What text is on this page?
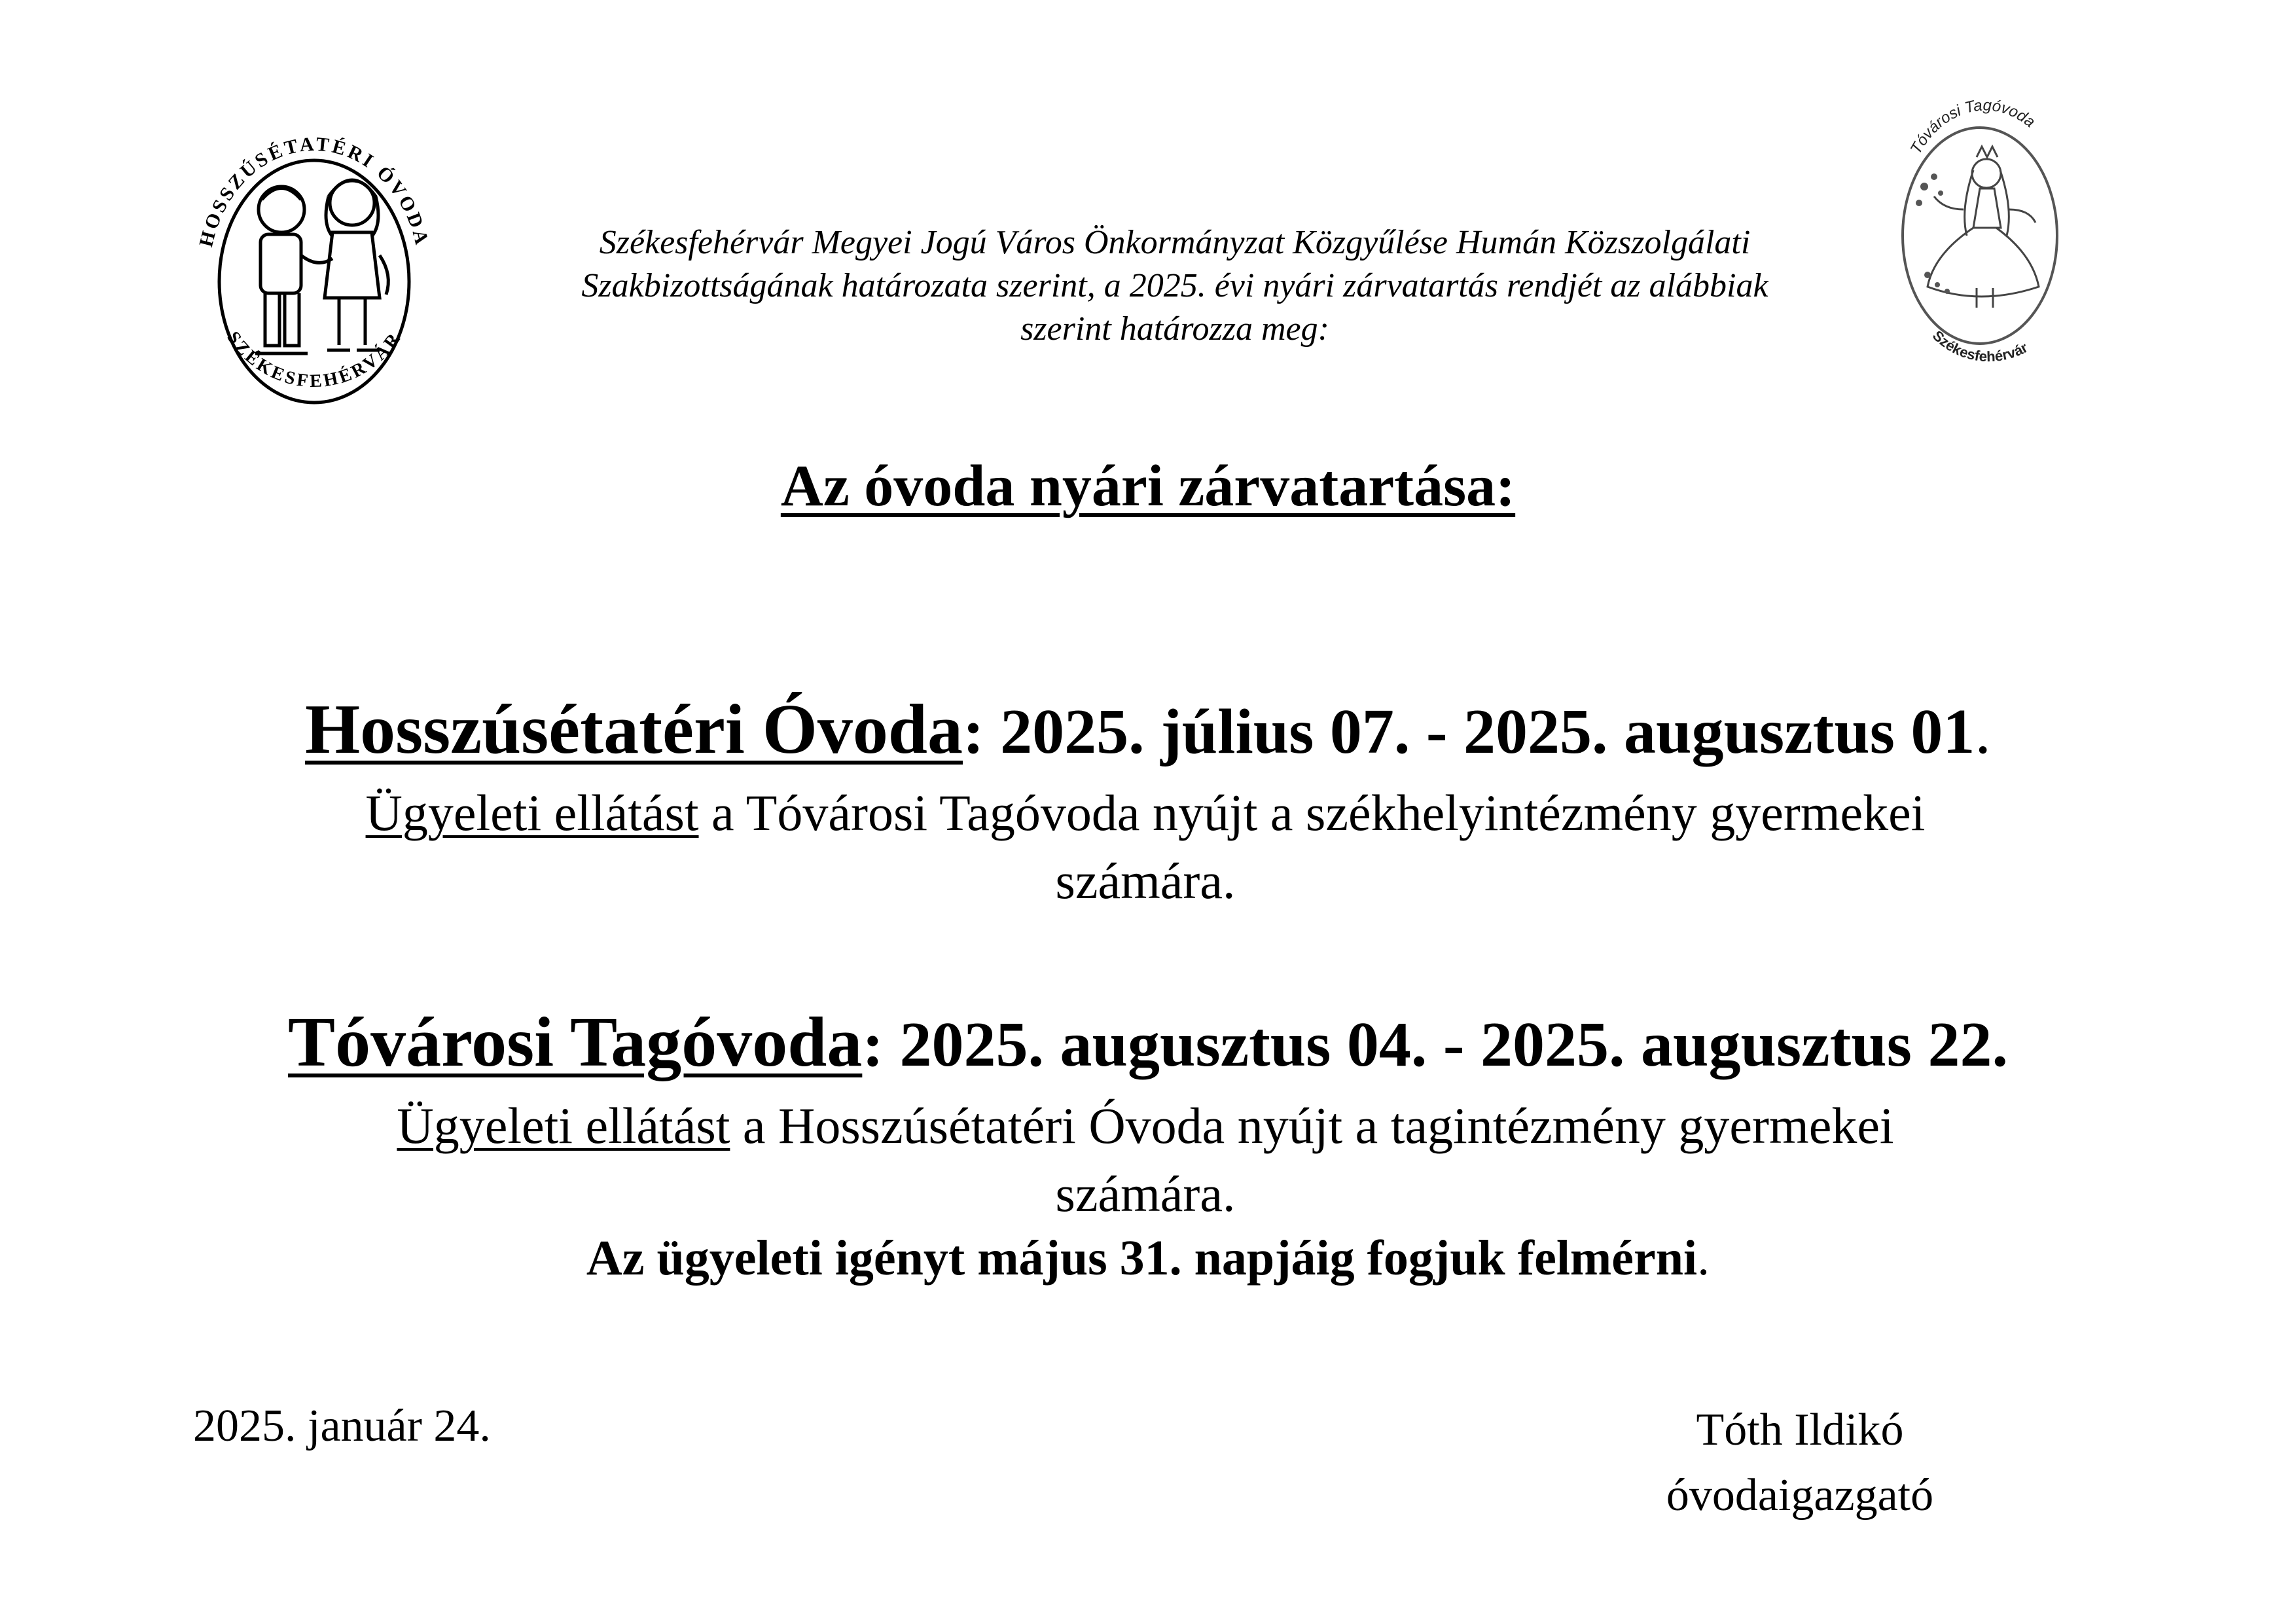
HOSSZÚSÉTATÉRI ÓVODA
SZÉKESFEHÉRVÁR
Székesfehérvár Megyei Jogú Város Önkormányzat Közgyűlése Humán Közszolgálati
Szakbizottságának határozata szerint, a 2025. évi nyári zárvatartás rendjét az alábbiak
szerint határozza meg:
Tóvárosi Tagóvoda
Székesfehérvár
Az óvoda nyári zárvatartása:
Hosszúsétatéri Óvoda: 2025. július 07. - 2025. augusztus 01.
Ügyeleti ellátást a Tóvárosi Tagóvoda nyújt a székhelyintézmény gyermekei
számára.
Tóvárosi Tagóvoda: 2025. augusztus 04. - 2025. augusztus 22.
Ügyeleti ellátást a Hosszúsétatéri Óvoda nyújt a tagintézmény gyermekei
számára.
Az ügyeleti igényt május 31. napjáig fogjuk felmérni.
2025. január 24.	Tóth Ildikó
óvodaigazgató
